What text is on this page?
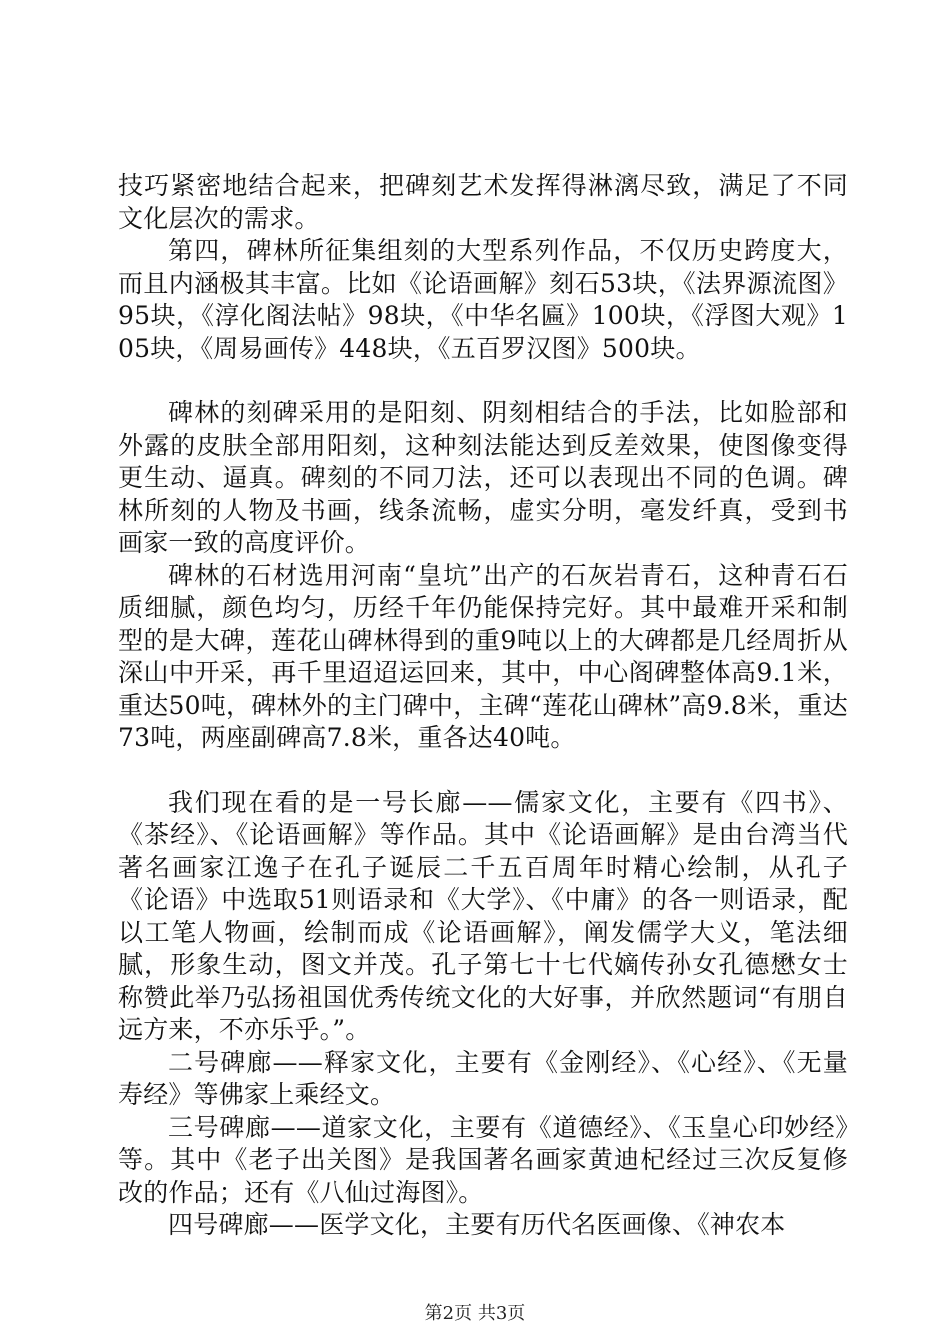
技巧紧密地结合起来，把碑刻艺术发挥得淋漓尽致，满足了不同文化层次的需求。

第四，碑林所征集组刻的大型系列作品，不仅历史跨度大，而且内涵极其丰富。比如《论语画解》刻石53块，《法界源流图》95块，《淳化阁法帖》98块，《中华名匾》100块，《浮图大观》105块，《周易画传》448块，《五百罗汉图》500块。

碑林的刻碑采用的是阳刻、阴刻相结合的手法，比如脸部和外露的皮肤全部用阳刻，这种刻法能达到反差效果，使图像变得更生动、逼真。碑刻的不同刀法，还可以表现出不同的色调。碑林所刻的人物及书画，线条流畅，虚实分明，毫发纤真，受到书画家一致的高度评价。

碑林的石材选用河南“皇坑”出产的石灰岩青石，这种青石石质细腻，颜色均匀，历经千年仍能保持完好。其中最难开采和制型的是大碑，莲花山碑林得到的重9吨以上的大碑都是几经周折从深山中开采，再千里迢迢运回来，其中，中心阁碑整体高9.1米，重达50吨，碑林外的主门碑中，主碑“莲花山碑林”高9.8米，重达73吨，两座副碑高7.8米，重各达40吨。

我们现在看的是一号长廊——儒家文化，主要有《四书》、《茶经》、《论语画解》等作品。其中《论语画解》是由台湾当代著名画家江逸子在孔子诞辰二千五百周年时精心绘制，从孔子《论语》中选取51则语录和《大学》、《中庸》的各一则语录，配以工笔人物画，绘制而成《论语画解》，阐发儒学大义，笔法细腻，形象生动，图文并茂。孔子第七十七代嫡传孙女孔德懋女士称赞此举乃弘扬祖国优秀传统文化的大好事，并欣然题词“有朋自远方来，不亦乐乎。”。

二号碑廊——释家文化，主要有《金刚经》、《心经》、《无量寿经》等佛家上乘经文。

三号碑廊——道家文化，主要有《道德经》、《玉皇心印妙经》等。其中《老子出关图》是我国著名画家黄迪杞经过三次反复修改的作品；还有《八仙过海图》。

四号碑廊——医学文化，主要有历代名医画像、《神农本

第2页 共3页
